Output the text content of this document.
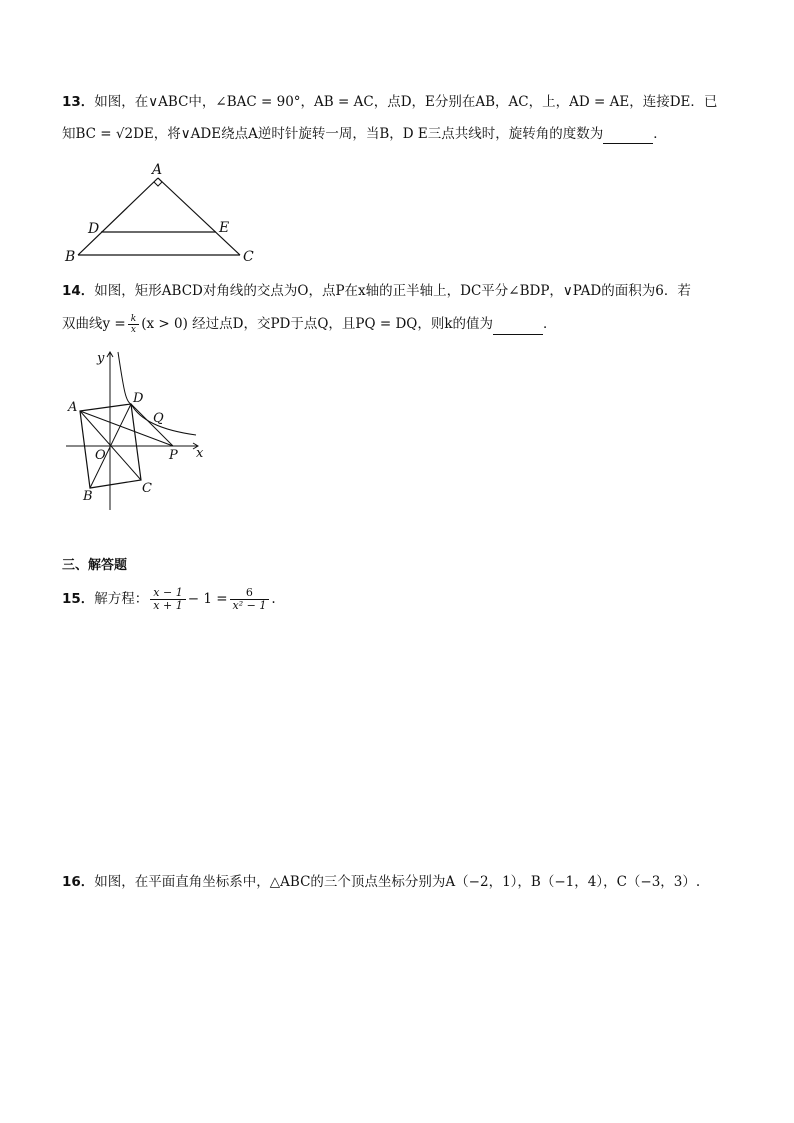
13．如图，在∨ABC中，∠BAC = 90°，AB = AC，点D，E分别在AB，AC，上，AD = AE，连接DE．已
知BC = √2DE，将∨ADE绕点A逆时针旋转一周，当B，D E三点共线时，旋转角的度数为	．
A
B	C
D	E
14．如图，矩形ABCD对角线的交点为O，点P在x轴的正半轴上，DC平分∠BDP，∨PAD的面积为6．若
双曲线$y = \frac{k}{x} (x > 0)$ 经过点D，交PD于点Q，且PQ = DQ，则k的值为	．
A
B
C
D
Q
O	P x
y
三、解答题
15．解方程： $\frac{x - 1}{x + 1} - 1 = \frac{6}{\text{x² − 1}}$ .
16．如图，在平面直角坐标系中，△ABC的三个顶点坐标分别为A（−2，1），B（−1，4），C（−3，3）.
